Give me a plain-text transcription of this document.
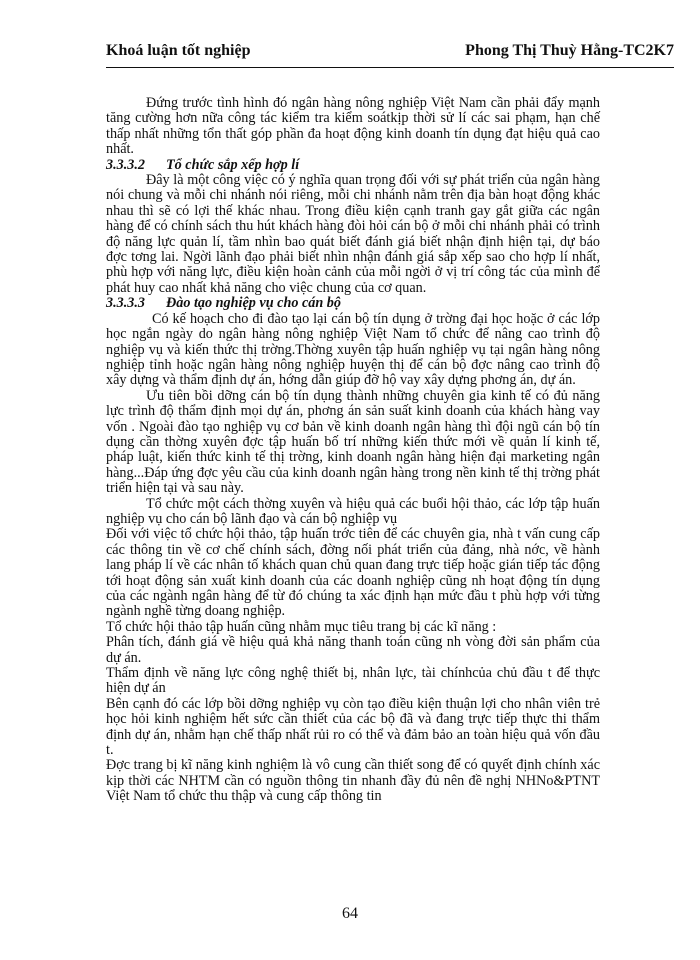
Khoá luận tốt nghiệp	Phong Thị Thuỳ Hằng-TC2K7

Đứng trước tình hình đó ngân hàng nông nghiệp Việt Nam cần phải đẩy mạnh tăng cường hơn nữa công tác kiểm tra kiểm soátkịp thời sử lí các sai phạm, hạn chế thấp nhất những tổn thất góp phần đa hoạt động kinh doanh tín dụng đạt hiệu quả cao nhất.

3.3.3.2 Tổ chức sắp xếp hợp lí

Đây là một công việc có ý nghĩa quan trọng đối với sự phát triển của ngân hàng nói chung và mỗi chi nhánh nói riêng, mỗi chi nhánh nằm trên địa bàn hoạt động khác nhau thì sẽ có lợi thế khác nhau. Trong điều kiện cạnh tranh gay gắt giữa các ngân hàng để có chính sách thu hút khách hàng đòi hỏi cán bộ ở mỗi chi nhánh phải có trình độ năng lực quản lí, tầm nhìn bao quát biết đánh giá biết nhận định hiện tại, dự báo đợc tơng lai. Ngời lãnh đạo phải biết nhìn nhận đánh giá sắp xếp sao cho hợp lí nhất, phù hợp với năng lực, điều kiện hoàn cảnh của mỗi ngời ở vị trí công tác của mình để phát huy cao nhất khả năng cho việc chung của cơ quan.

3.3.3.3 Đào tạo nghiệp vụ cho cán bộ

Có kế hoạch cho đi đào tạo lại cán bộ tín dụng ở trờng đại học hoặc ở các lớp học ngắn ngày do ngân hàng nông nghiệp Việt Nam tổ chức để nâng cao trình độ nghiệp vụ và kiến thức thị trờng.Thờng xuyên tập huấn nghiệp vụ tại ngân hàng nông nghiệp tỉnh hoặc ngân hàng nông nghiệp huyện thị để cán bộ đợc nâng cao trình độ xây dựng và thẩm định dự án, hớng dẫn giúp đỡ hộ vay xây dựng phơng án, dự án.

Ưu tiên bồi dỡng cán bộ tín dụng thành những chuyên gia kinh tế có đủ năng lực trình độ thẩm định mọi dự án, phơng án sản suất kinh doanh của khách hàng vay vốn . Ngoài đào tạo nghiệp vụ cơ bản về kinh doanh ngân hàng thì đội ngũ cán bộ tín dụng cần thờng xuyên đợc tập huấn bố trí những kiến thức mới về quản lí kinh tế, pháp luật, kiến thức kinh tế thị trờng, kinh doanh ngân hàng hiện đại marketing ngân hàng...Đáp ứng đợc yêu cầu của kinh doanh ngân hàng trong nền kinh tế thị trờng phát triển hiện tại và sau này.

Tổ chức một cách thờng xuyên và hiệu quả các buổi hội thảo, các lớp tập huấn nghiệp vụ cho cán bộ lãnh đạo và cán bộ nghiệp vụ

Đối với việc tổ chức hội thảo, tập huấn trớc tiên để các chuyên gia, nhà t vấn cung cấp các thông tin về cơ chế chính sách, đờng nối phát triển của đảng, nhà nớc, về hành lang pháp lí về các nhân tố khách quan chủ quan đang trực tiếp hoặc gián tiếp tác động tới hoạt động sản xuất kinh doanh của các doanh nghiệp cũng nh hoạt động tín dụng của các ngành ngân hàng để từ đó chúng ta xác định hạn mức đầu t phù hợp với từng ngành nghề từng doang nghiệp.

Tổ chức hội thảo tập huấn cũng nhằm mục tiêu trang bị các kĩ năng :

Phân tích, đánh giá về hiệu quả khả năng thanh toán cũng nh vòng đời sản phẩm của dự án.

Thẩm định về năng lực công nghệ thiết bị, nhân lực, tài chínhcủa chủ đầu t để thực hiện dự án

Bên cạnh đó các lớp bồi dỡng nghiệp vụ còn tạo điều kiện thuận lợi cho nhân viên trẻ học hỏi kinh nghiệm hết sức cần thiết của các bộ đã và đang trực tiếp thực thi thẩm định dự án, nhằm hạn chế thấp nhất rủi ro có thể và đảm bảo an toàn hiệu quả vốn đầu t.

Đợc trang bị kĩ năng kinh nghiệm là vô cung cần thiết song để có quyết định chính xác kịp thời các NHTM cần có nguồn thông tin nhanh đầy đủ nên đề nghị NHNo&PTNT Việt Nam tổ chức thu thập và cung cấp thông tin

64
